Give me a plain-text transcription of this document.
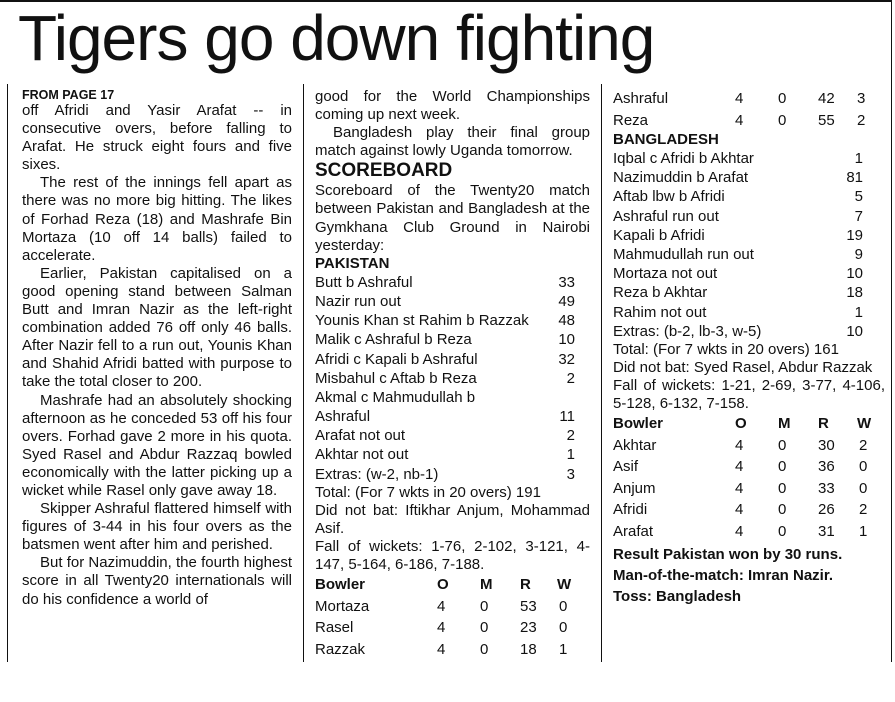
Tigers go down fighting

FROM PAGE 17

off Afridi and Yasir Arafat -- in consecutive overs, before falling to Arafat. He struck eight fours and five sixes.

The rest of the innings fell apart as there was no more big hitting. The likes of Forhad Reza (18) and Mashrafe Bin Mortaza (10 off 14 balls) failed to accelerate.

Earlier, Pakistan capitalised on a good opening stand between Salman Butt and Imran Nazir as the left-right combination added 76 off only 46 balls. After Nazir fell to a run out, Younis Khan and Shahid Afridi batted with purpose to take the total closer to 200.

Mashrafe had an absolutely shocking afternoon as he conceded 53 off his four overs. Forhad gave 2 more in his quota. Syed Rasel and Abdur Razzaq bowled economically with the latter picking up a wicket while Rasel only gave away 18.

Skipper Ashraful flattered himself with figures of 3-44 in his four overs as the batsmen went after him and perished.

But for Nazimuddin, the fourth highest score in all Twenty20 internationals will do his confidence a world of

good for the World Championships coming up next week.

Bangladesh play their final group match against lowly Uganda tomorrow.

SCOREBOARD

Scoreboard of the Twenty20 match between Pakistan and Bangladesh at the Gymkhana Club Ground in Nairobi yesterday:

PAKISTAN
Butt b Ashraful	33
Nazir run out	49
Younis Khan st Rahim b Razzak	48
Malik c Ashraful b Reza	10
Afridi c Kapali b Ashraful	32
Misbahul c Aftab b Reza	2
Akmal c Mahmudullah b
Ashraful	11
Arafat not out	2
Akhtar not out	1
Extras: (w-2, nb-1)	3
Total: (For 7 wkts in 20 overs) 191

Did not bat: Iftikhar Anjum, Mohammad Asif.

Fall of wickets: 1-76, 2-102, 3-121, 4-147, 5-164, 6-186, 7-188.

Bowler	O M R W
Mortaza	4 0 53 0
Rasel	4 0 23 0
Razzak	4 0 18 1
Ashraful	4 0 42 3
Reza	4 0 55 2
BANGLADESH
Iqbal c Afridi b Akhtar	1
Nazimuddin b Arafat	81
Aftab lbw b Afridi	5
Ashraful run out	7
Kapali b Afridi	19
Mahmudullah run out	9
Mortaza not out	10
Reza b Akhtar	18
Rahim not out	1
Extras: (b-2, lb-3, w-5)	10
Total: (For 7 wkts in 20 overs) 161

Did not bat: Syed Rasel, Abdur Razzak

Fall of wickets: 1-21, 2-69, 3-77, 4-106, 5-128, 6-132, 7-158.

Bowler	O M R W
Akhtar	4 0 30 2
Asif	4 0 36 0
Anjum	4 0 33 0
Afridi	4 0 26 2
Arafat	4 0 31 1
Result Pakistan won by 30 runs.
Man-of-the-match: Imran Nazir.
Toss: Bangladesh
